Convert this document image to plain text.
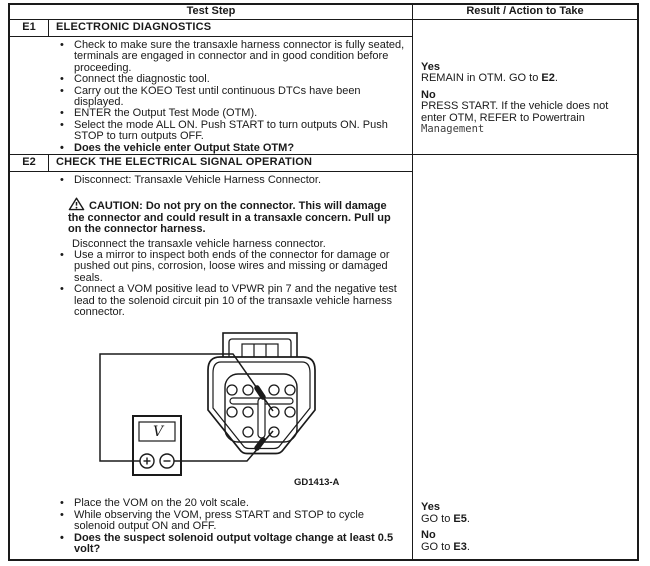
Test Step	Result / Action to Take
E1	ELECTRONIC DIAGNOSTICS
• Check to make sure the transaxle harness connector is fully seated, terminals are engaged in connector and in good condition before proceeding.
• Connect the diagnostic tool.
• Carry out the KOEO Test until continuous DTCs have been displayed.
• ENTER the Output Test Mode (OTM).
• Select the mode ALL ON. Push START to turn outputs ON. Push STOP to turn outputs OFF.
• Does the vehicle enter Output State OTM?
Yes
REMAIN in OTM. GO to E2.
No
PRESS START. If the vehicle does not enter OTM, REFER to Powertrain Management
E2	CHECK THE ELECTRICAL SIGNAL OPERATION
• Disconnect: Transaxle Vehicle Harness Connector.
CAUTION: Do not pry on the connector. This will damage the connector and could result in a transaxle concern. Pull up on the connector harness.
Disconnect the transaxle vehicle harness connector.
• Use a mirror to inspect both ends of the connector for damage or pushed out pins, corrosion, loose wires and missing or damaged seals.
• Connect a VOM positive lead to VPWR pin 7 and the negative test lead to the solenoid circuit pin 10 of the transaxle vehicle harness connector.
V
GD1413-A
• Place the VOM on the 20 volt scale.
• While observing the VOM, press START and STOP to cycle solenoid output ON and OFF.
• Does the suspect solenoid output voltage change at least 0.5 volt?
Yes
GO to E5.
No
GO to E3.
